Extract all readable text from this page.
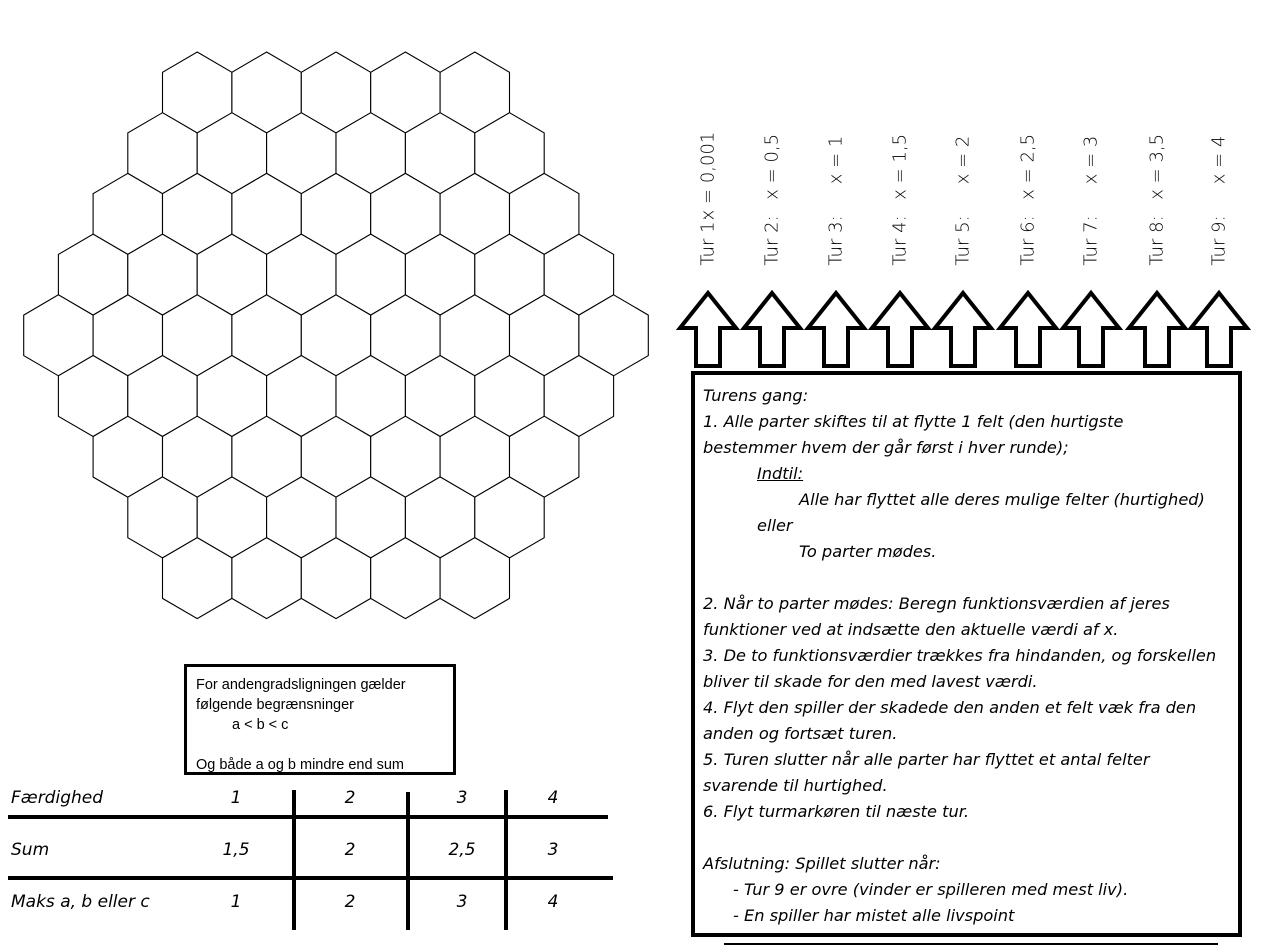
x = 0,001
Tur 1:
x = 0,5
Tur 2:
x = 1
Tur 3:
x = 1,5
Tur 4:
x = 2
Tur 5:
x = 2,5
Tur 6:
x = 3
Tur 7:
x = 3,5
Tur 8:
x = 4
Tur 9:
Turens gang:
1. Alle parter skiftes til at flytte 1 felt (den hurtigste
bestemmer hvem der går først i hver runde);
Indtil:
Alle har flyttet alle deres mulige felter (hurtighed)
eller
To parter mødes.
2. Når to parter mødes: Beregn funktionsværdien af jeres
funktioner ved at indsætte den aktuelle værdi af x.
3. De to funktionsværdier trækkes fra hindanden, og forskellen
bliver til skade for den med lavest værdi.
4. Flyt den spiller der skadede den anden et felt væk fra den
anden og fortsæt turen.
5. Turen slutter når alle parter har flyttet et antal felter
svarende til hurtighed.
6. Flyt turmarkøren til næste tur.
Afslutning: Spillet slutter når:
- Tur 9 er ovre (vinder er spilleren med mest liv).
- En spiller har mistet alle livspoint
For andengradsligningen gælder
følgende begrænsninger
a < b < c
Og både a og b mindre end sum
Færdighed	1	2	3	4
Sum	1,5	2	2,5	3
Maks a, b eller c	1	2	3	4
